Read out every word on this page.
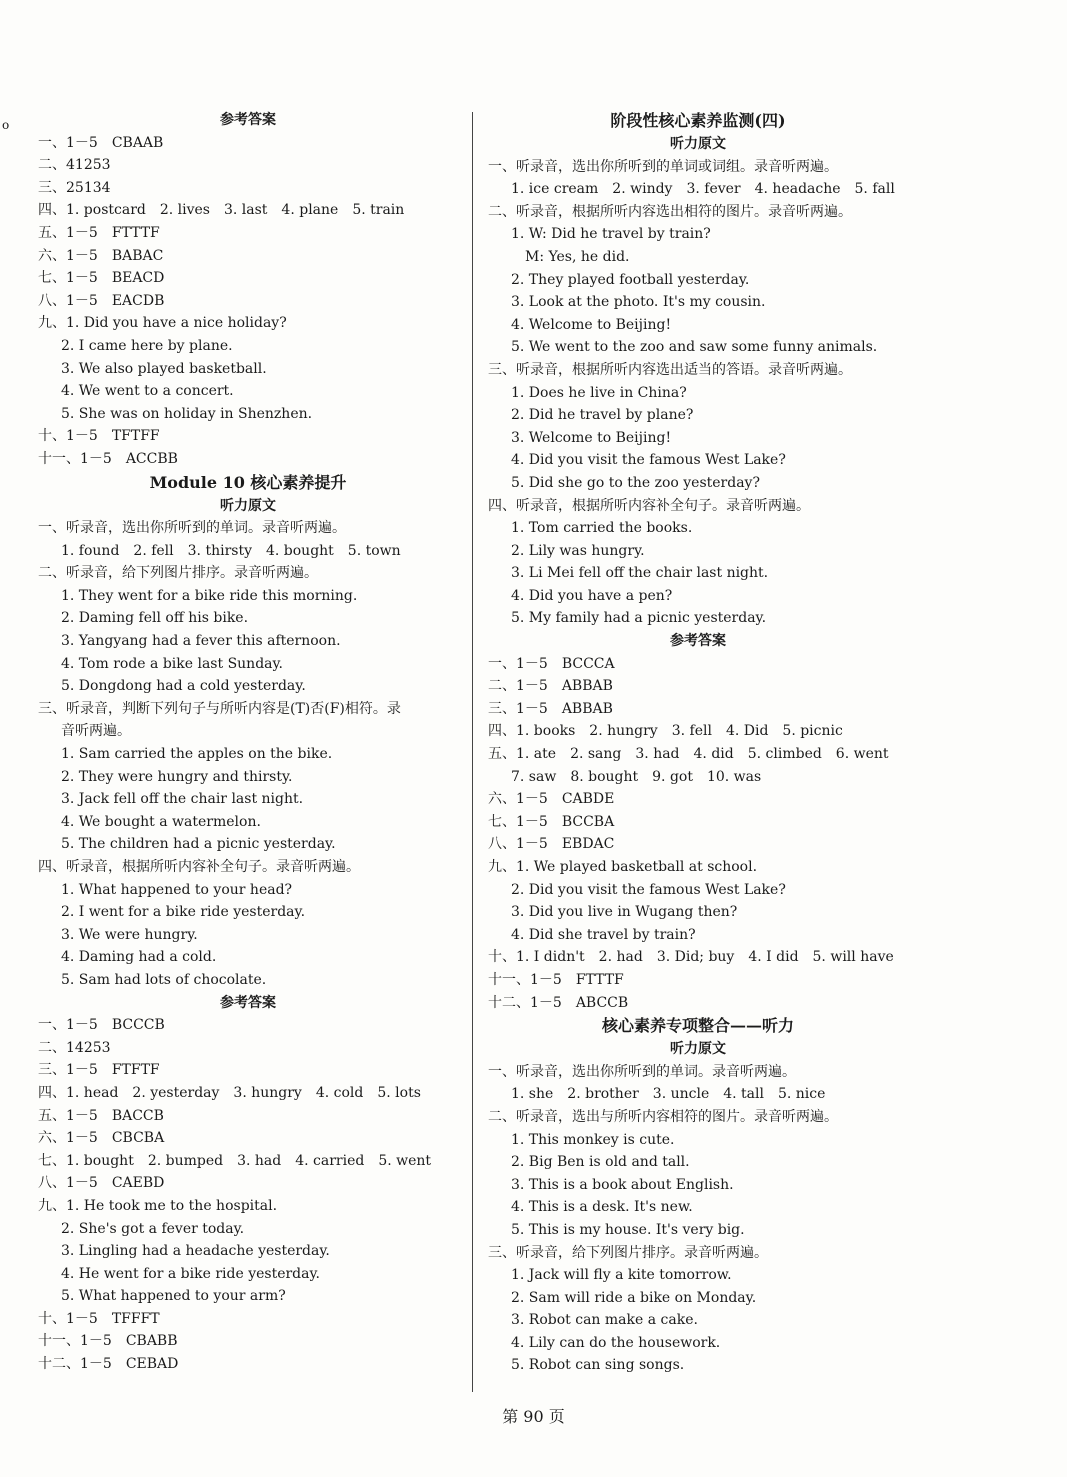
o	参考答案
一、1－5　CBAAB
二、41253
三、25134
四、1. postcard　2. lives　3. last　4. plane　5. train
五、1－5　FTTTF
六、1－5　BABAC
七、1－5　BEACD
八、1－5　EACDB
九、1. Did you have a nice holiday?
2. I came here by plane.
3. We also played basketball.
4. We went to a concert.
5. She was on holiday in Shenzhen.
十、1－5　TFTFF
十一、1－5　ACCBB
Module 10 核心素养提升
听力原文
一、听录音，选出你所听到的单词。录音听两遍。
1. found　2. fell　3. thirsty　4. bought　5. town
二、听录音，给下列图片排序。录音听两遍。
1. They went for a bike ride this morning.
2. Daming fell off his bike.
3. Yangyang had a fever this afternoon.
4. Tom rode a bike last Sunday.
5. Dongdong had a cold yesterday.
三、听录音，判断下列句子与所听内容是(T)否(F)相符。录
音听两遍。
1. Sam carried the apples on the bike.
2. They were hungry and thirsty.
3. Jack fell off the chair last night.
4. We bought a watermelon.
5. The children had a picnic yesterday.
四、听录音，根据所听内容补全句子。录音听两遍。
1. What happened to your head?
2. I went for a bike ride yesterday.
3. We were hungry.
4. Daming had a cold.
5. Sam had lots of chocolate.
参考答案
一、1－5　BCCCB
二、14253
三、1－5　FTFTF
四、1. head　2. yesterday　3. hungry　4. cold　5. lots
五、1－5　BACCB
六、1－5　CBCBA
七、1. bought　2. bumped　3. had　4. carried　5. went
八、1－5　CAEBD
九、1. He took me to the hospital.
2. She's got a fever today.
3. Lingling had a headache yesterday.
4. He went for a bike ride yesterday.
5. What happened to your arm?
十、1－5　TFFFT
十一、1－5　CBABB
十二、1－5　CEBAD
阶段性核心素养监测(四)
听力原文
一、听录音，选出你所听到的单词或词组。录音听两遍。
1. ice cream　2. windy　3. fever　4. headache　5. fall
二、听录音，根据所听内容选出相符的图片。录音听两遍。
1. W: Did he travel by train?
　M: Yes, he did.
2. They played football yesterday.
3. Look at the photo. It's my cousin.
4. Welcome to Beijing!
5. We went to the zoo and saw some funny animals.
三、听录音，根据所听内容选出适当的答语。录音听两遍。
1. Does he live in China?
2. Did he travel by plane?
3. Welcome to Beijing!
4. Did you visit the famous West Lake?
5. Did she go to the zoo yesterday?
四、听录音，根据所听内容补全句子。录音听两遍。
1. Tom carried the books.
2. Lily was hungry.
3. Li Mei fell off the chair last night.
4. Did you have a pen?
5. My family had a picnic yesterday.
参考答案
一、1－5　BCCCA
二、1－5　ABBAB
三、1－5　ABBAB
四、1. books　2. hungry　3. fell　4. Did　5. picnic
五、1. ate　2. sang　3. had　4. did　5. climbed　6. went
7. saw　8. bought　9. got　10. was
六、1－5　CABDE
七、1－5　BCCBA
八、1－5　EBDAC
九、1. We played basketball at school.
2. Did you visit the famous West Lake?
3. Did you live in Wugang then?
4. Did she travel by train?
十、1. I didn't　2. had　3. Did; buy　4. I did　5. will have
十一、1－5　FTTTF
十二、1－5　ABCCB
核心素养专项整合——听力
听力原文
一、听录音，选出你所听到的单词。录音听两遍。
1. she　2. brother　3. uncle　4. tall　5. nice
二、听录音，选出与所听内容相符的图片。录音听两遍。
1. This monkey is cute.
2. Big Ben is old and tall.
3. This is a book about English.
4. This is a desk. It's new.
5. This is my house. It's very big.
三、听录音，给下列图片排序。录音听两遍。
1. Jack will fly a kite tomorrow.
2. Sam will ride a bike on Monday.
3. Robot can make a cake.
4. Lily can do the housework.
5. Robot can sing songs.
第 90 页
